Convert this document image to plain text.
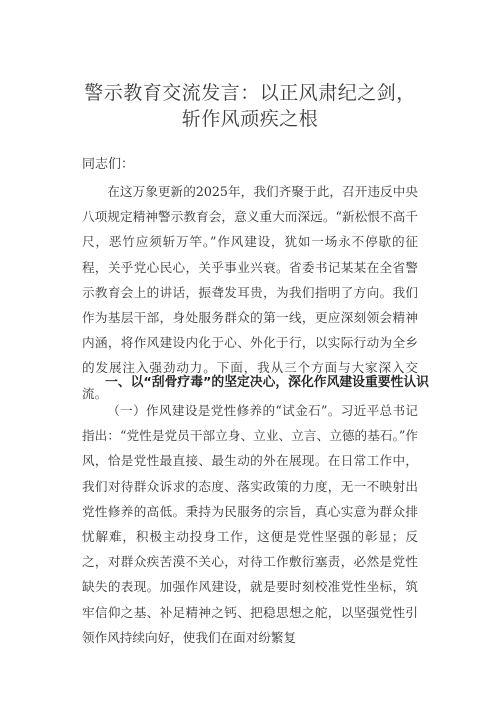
警示教育交流发言：以正风肃纪之剑，
斩作风顽疾之根
同志们：

在这万象更新的2025年，我们齐聚于此，召开违反中央八项规定精神警示教育会，意义重大而深远。“新松恨不高千尺，恶竹应须斩万竿。”作风建设，犹如一场永不停歇的征程，关乎党心民心，关乎事业兴衰。省委书记某某在全省警示教育会上的讲话，振聋发耳贵，为我们指明了方向。我们作为基层干部，身处服务群众的第一线，更应深刻领会精神内涵，将作风建设内化于心、外化于行，以实际行动为全乡的发展注入强劲动力。下面，我从三个方面与大家深入交流。

一、以“刮骨疗毒”的坚定决心，深化作风建设重要性认识

（一）作风建设是党性修养的“试金石”。习近平总书记指出：“党性是党员干部立身、立业、立言、立德的基石。”作风，恰是党性最直接、最生动的外在展现。在日常工作中，我们对待群众诉求的态度、落实政策的力度，无一不映射出党性修养的高低。秉持为民服务的宗旨，真心实意为群众排忧解难，积极主动投身工作，这便是党性坚强的彰显；反之，对群众疾苦漠不关心，对待工作敷衍塞责，必然是党性缺失的表现。加强作风建设，就是要时刻校准党性坐标，筑牢信仰之基、补足精神之钙、把稳思想之舵，以坚强党性引领作风持续向好，使我们在面对纷繁复
